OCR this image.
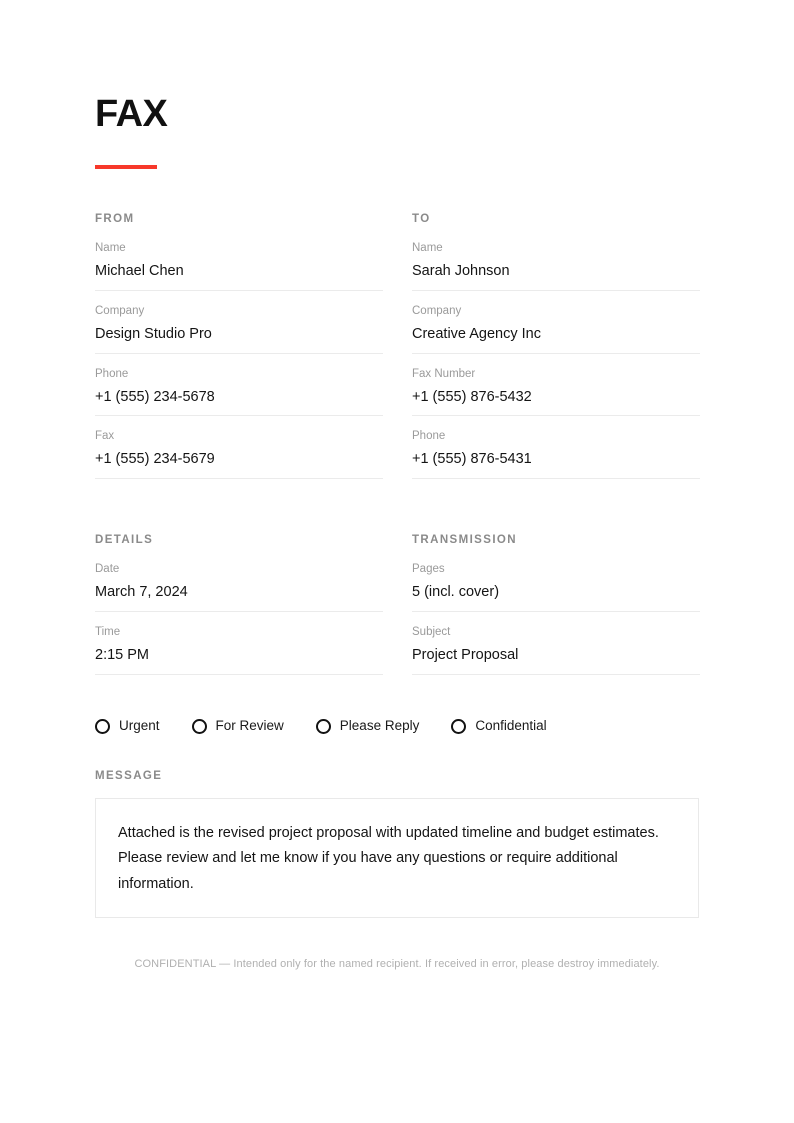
FAX
FROM
Name
Michael Chen
Company
Design Studio Pro
Phone
+1 (555) 234-5678
Fax
+1 (555) 234-5679
TO
Name
Sarah Johnson
Company
Creative Agency Inc
Fax Number
+1 (555) 876-5432
Phone
+1 (555) 876-5431
DETAILS
Date
March 7, 2024
Time
2:15 PM
TRANSMISSION
Pages
5 (incl. cover)
Subject
Project Proposal
Urgent	For Review	Please Reply	Confidential
MESSAGE

Attached is the revised project proposal with updated timeline and budget estimates. Please review and let me know if you have any questions or require additional information.

CONFIDENTIAL — Intended only for the named recipient. If received in error, please destroy immediately.
